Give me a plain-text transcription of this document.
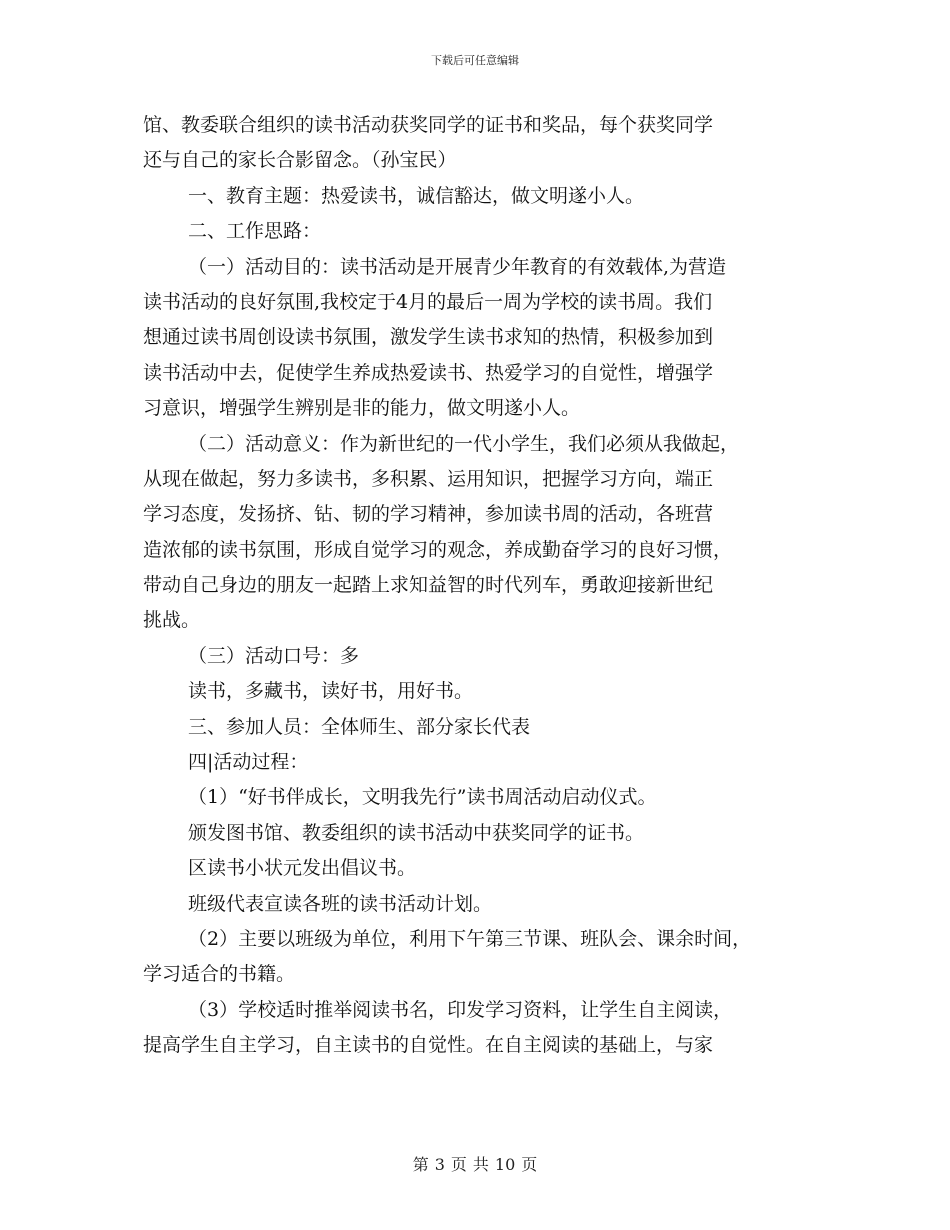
下载后可任意编辑
馆、教委联合组织的读书活动获奖同学的证书和奖品，每个获奖同学
还与自己的家长合影留念。（孙宝民）
一、教育主题：热爱读书，诚信豁达，做文明遂小人。
二、工作思路：
（一）活动目的：读书活动是开展青少年教育的有效载体,为营造
读书活动的良好氛围,我校定于4月的最后一周为学校的读书周。我们
想通过读书周创设读书氛围，激发学生读书求知的热情，积极参加到
读书活动中去，促使学生养成热爱读书、热爱学习的自觉性，增强学
习意识，增强学生辨别是非的能力，做文明遂小人。
（二）活动意义：作为新世纪的一代小学生，我们必须从我做起，
从现在做起，努力多读书，多积累、运用知识，把握学习方向，端正
学习态度，发扬挤、钻、韧的学习精神，参加读书周的活动，各班营
造浓郁的读书氛围，形成自觉学习的观念，养成勤奋学习的良好习惯，
带动自己身边的朋友一起踏上求知益智的时代列车，勇敢迎接新世纪
挑战。
（三）活动口号：多
读书，多藏书，读好书，用好书。
三、参加人员：全体师生、部分家长代表
四|活动过程：
（1）“好书伴成长，文明我先行”读书周活动启动仪式。
颁发图书馆、教委组织的读书活动中获奖同学的证书。
区读书小状元发出倡议书。
班级代表宣读各班的读书活动计划。
（2）主要以班级为单位，利用下午第三节课、班队会、课余时间，
学习适合的书籍。
（3）学校适时推举阅读书名，印发学习资料，让学生自主阅读，
提高学生自主学习，自主读书的自觉性。在自主阅读的基础上，与家
第 3 页 共 10 页
